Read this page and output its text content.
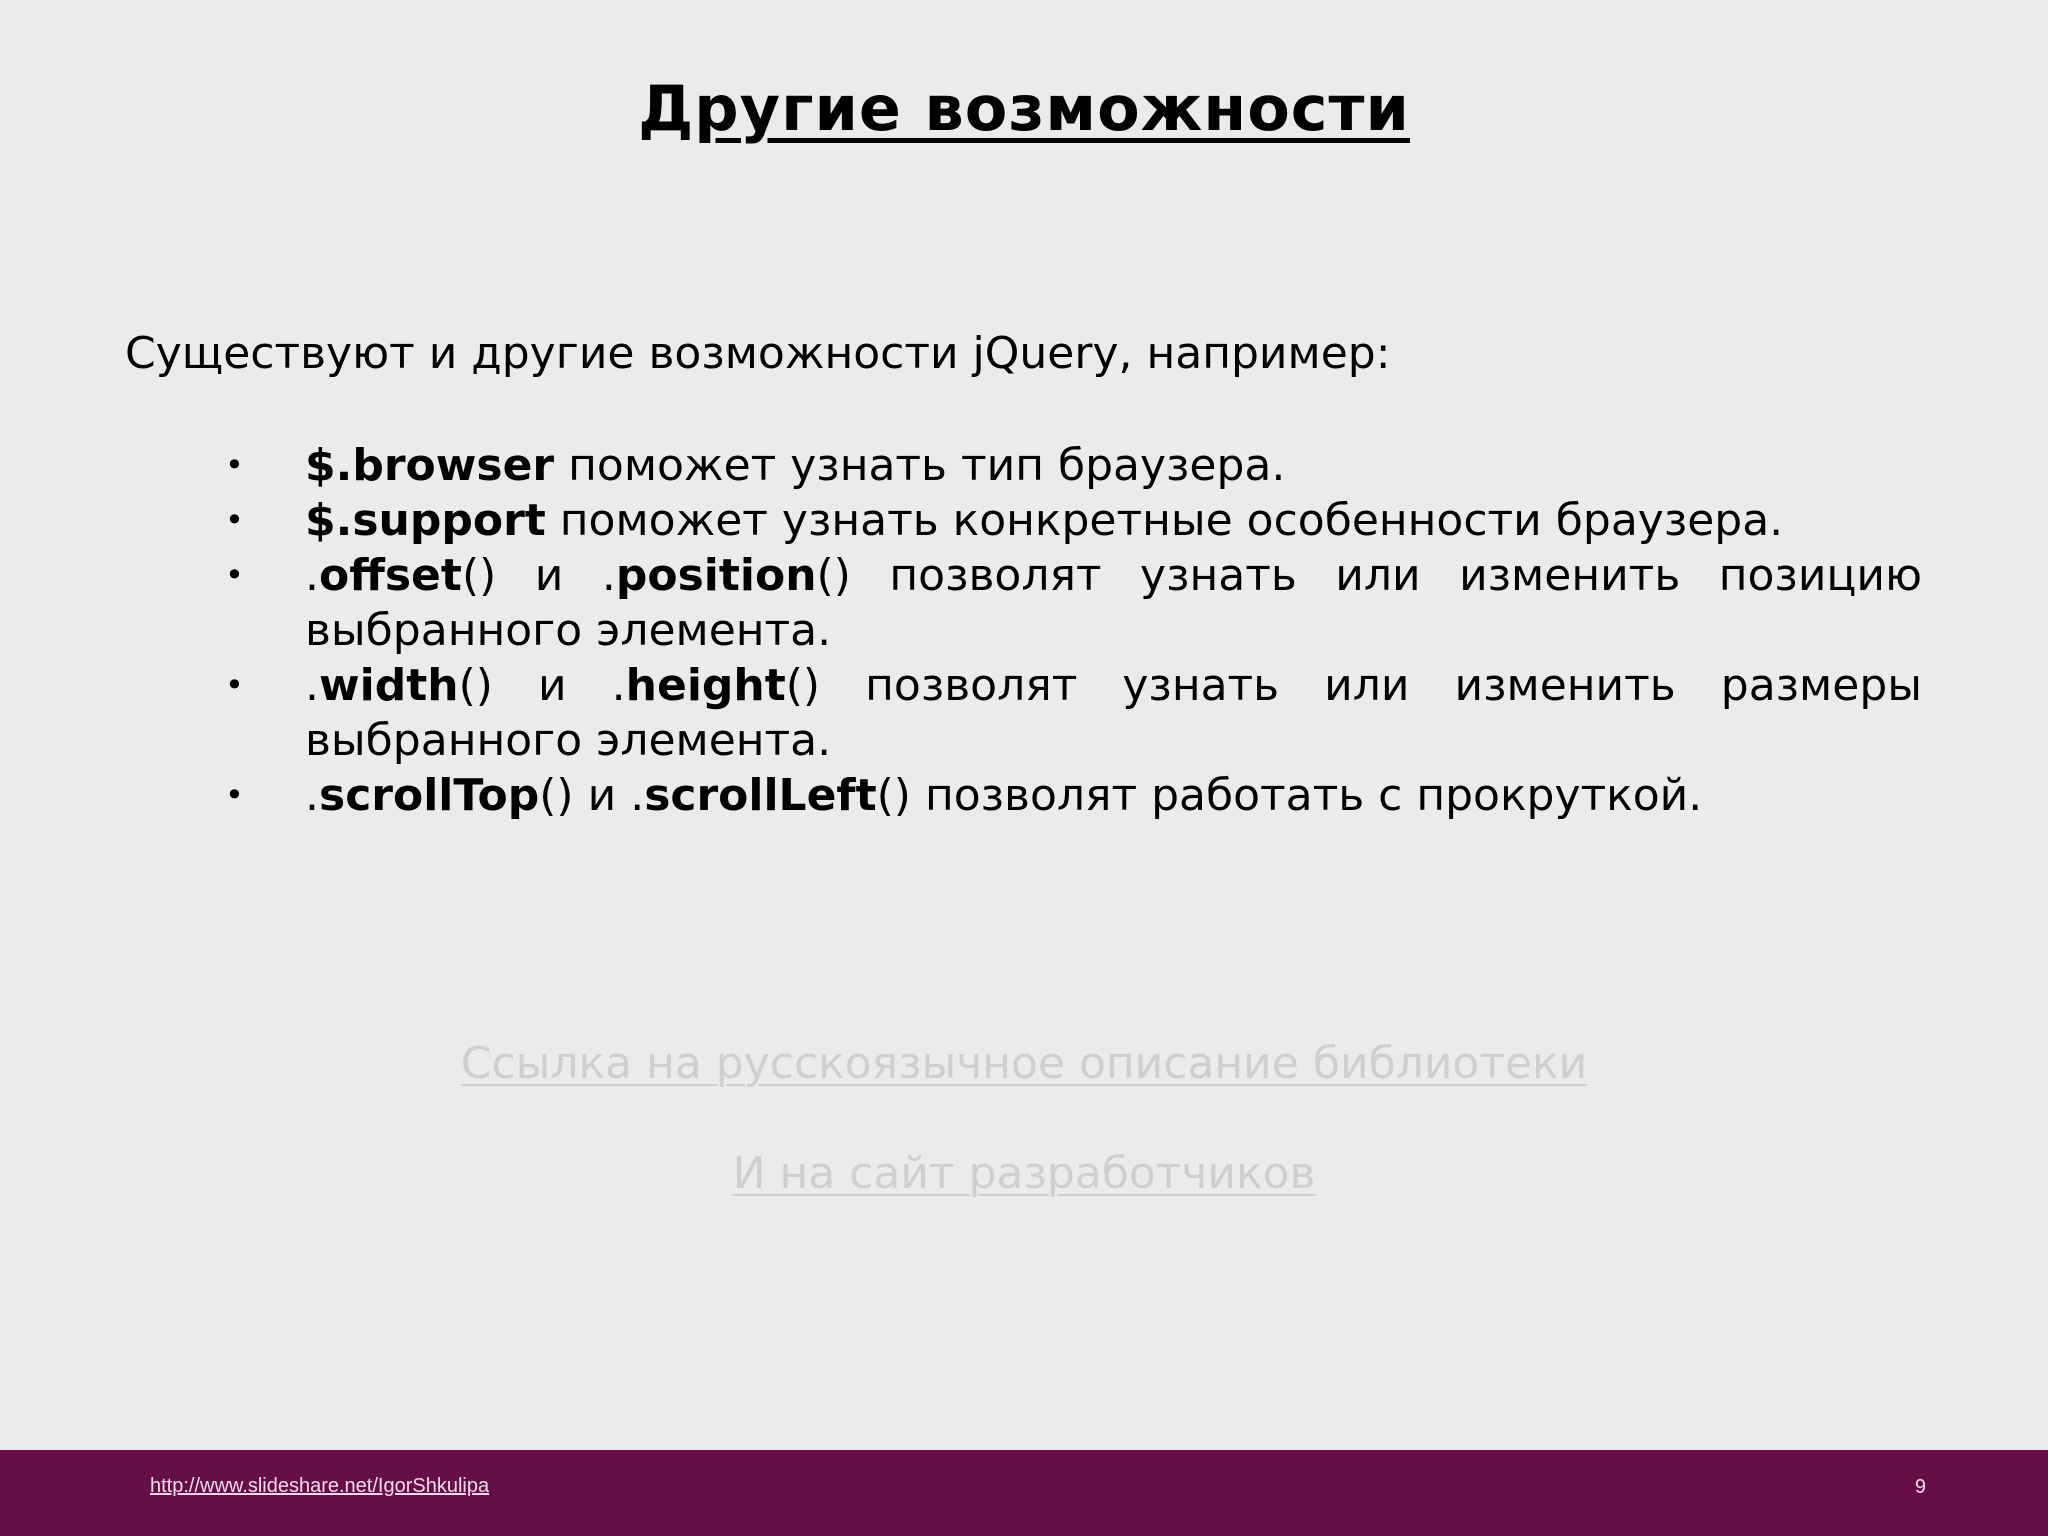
Другие возможности
Существуют и другие возможности jQuery, например:
• $.browser поможет узнать тип браузера.
• $.support поможет узнать конкретные особенности браузера.
• .offset() и .position() позволят узнать или изменить позицию выбранного элемента.
• .width() и .height() позволят узнать или изменить размеры выбранного элемента.
• .scrollTop() и .scrollLeft() позволят работать с прокруткой.
Ссылка на русскоязычное описание библиотеки
И на сайт разработчиков
http://www.slideshare.net/IgorShkulipa	9
